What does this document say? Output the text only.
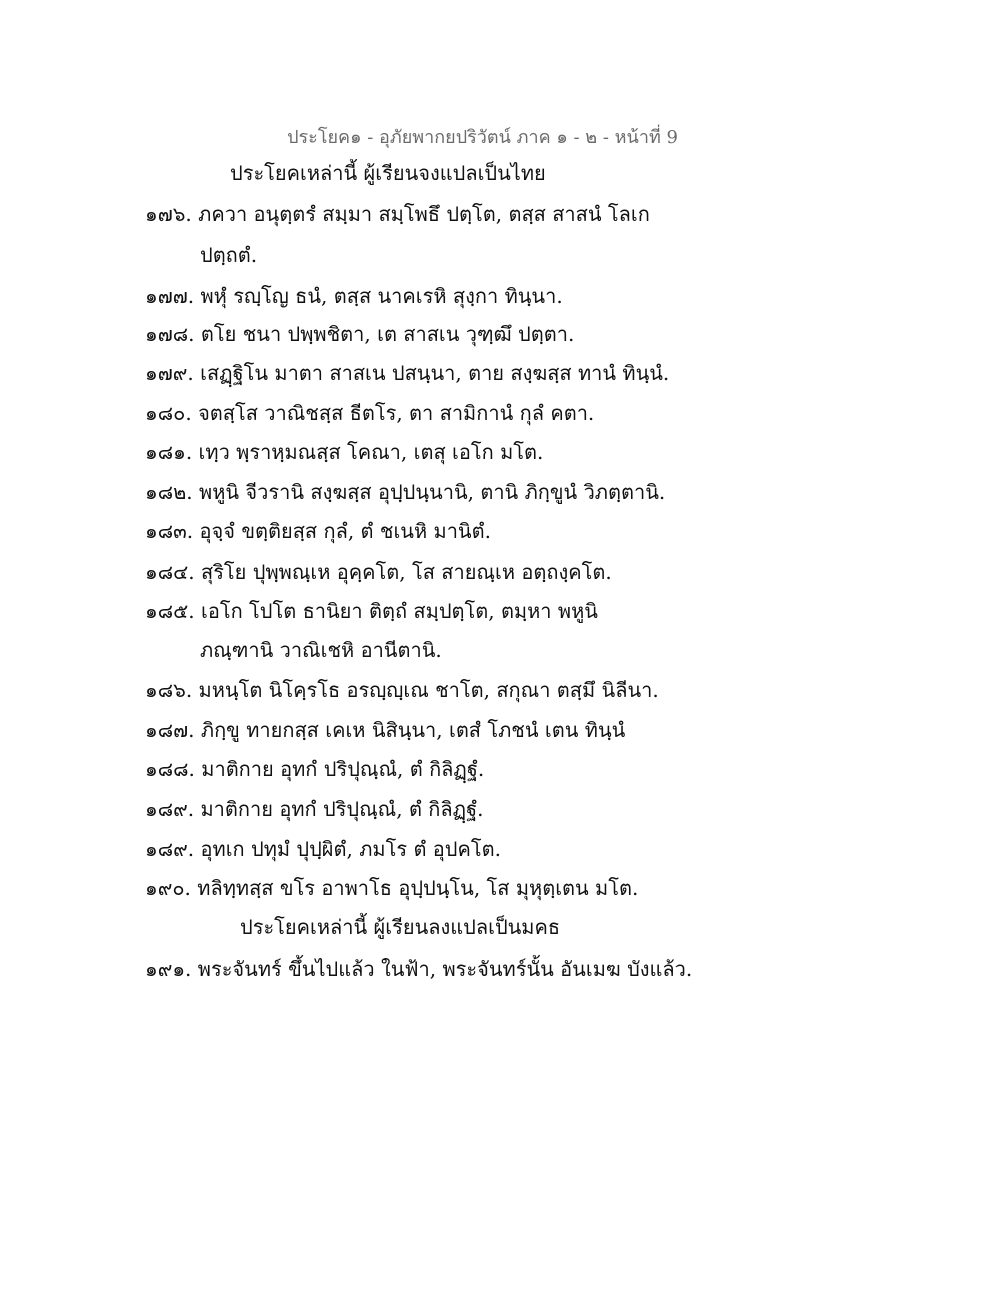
ประโยค๑ - อุภัยพากยปริวัตน์ ภาค ๑ - ๒ - หน้าที่ 9
ประโยคเหล่านี้ ผู้เรียนจงแปลเป็นไทย
๑๗๖. ภควา อนุตฺตรํ สมฺมา สมฺโพธึ ปตฺโต, ตสฺส สาสนํ โลเก
ปตฺถตํ.
๑๗๗. พหุํ รญฺโญ ธนํ, ตสฺส นาคเรหิ สุงฺกา ทินฺนา.
๑๗๘. ตโย ชนา ปพฺพชิตา, เต สาสเน วุฑฺฒึ ปตฺตา.
๑๗๙. เสฏฺฐิโน มาตา สาสเน ปสนฺนา, ตาย สงฺฆสฺส ทานํ ทินฺนํ.
๑๘๐. จตสฺโส วาณิชสฺส ธีตโร, ตา สามิกานํ กุลํ คตา.
๑๘๑. เทฺว พฺราหฺมณสฺส โคณา, เตสุ เอโก มโต.
๑๘๒. พหูนิ จีวรานิ สงฺฆสฺส อุปฺปนฺนานิ, ตานิ ภิกฺขูนํ วิภตฺตานิ.
๑๘๓. อุจฺจํ ขตฺติยสฺส กุลํ, ตํ ชเนหิ มานิตํ.
๑๘๔. สุริโย ปุพฺพณฺเห อุคฺคโต, โส สายณฺเห อตฺถงฺคโต.
๑๘๕. เอโก โปโต ธานิยา ติตฺถํ สมฺปตฺโต, ตมฺหา พหูนิ
ภณฺฑานิ วาณิเชหิ อานีตานิ.
๑๘๖. มหนฺโต นิโคฺรโธ อรญฺญฺเณ ชาโต, สกุณา ตสฺมึ นิลีนา.
๑๘๗. ภิกฺขู ทายกสฺส เคเห นิสินฺนา, เตสํ โภชนํ เตน ทินฺนํ
๑๘๘. มาติกาย อุทกํ ปริปุณฺณํ, ตํ กิลิฏฺฐํ.
๑๘๙. มาติกาย อุทกํ ปริปุณฺณํ, ตํ กิลิฏฺฐํ.
๑๘๙. อุทเก ปทุมํ ปุปฺผิตํ, ภมโร ตํ อุปคโต.
๑๙๐. ทลิทฺทสฺส ขโร อาพาโธ อุปฺปนฺโน, โส มุหุตฺเตน มโต.
ประโยคเหล่านี้ ผู้เรียนลงแปลเป็นมคธ
๑๙๑. พระจันทร์ ขึ้นไปแล้ว ในฟ้า, พระจันทร์นั้น อันเมฆ บังแล้ว.
